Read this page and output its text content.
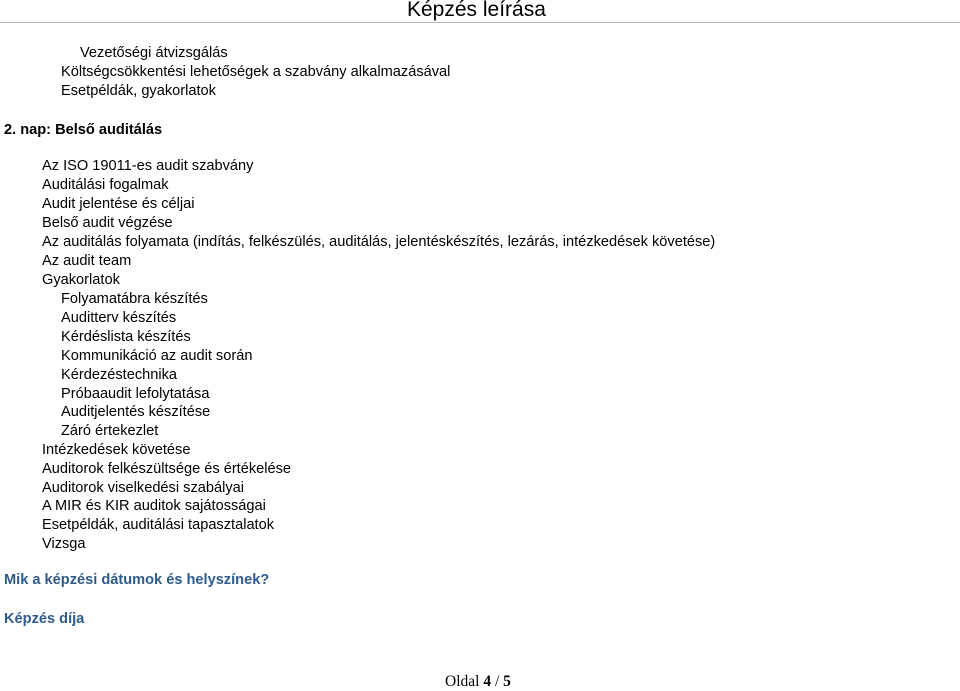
Képzés leírása
Vezetőségi átvizsgálás
Költségcsökkentési lehetőségek a szabvány alkalmazásával
Esetpéldák, gyakorlatok
2. nap: Belső auditálás
Az ISO 19011-es audit szabvány
Auditálási fogalmak
Audit jelentése és céljai
Belső audit végzése
Az auditálás folyamata (indítás, felkészülés, auditálás, jelentéskészítés, lezárás, intézkedések követése)
Az audit team
Gyakorlatok
Folyamatábra készítés
Auditterv készítés
Kérdéslista készítés
Kommunikáció az audit során
Kérdezéstechnika
Próbaaudit lefolytatása
Auditjelentés készítése
Záró értekezlet
Intézkedések követése
Auditorok felkészültsége és értékelése
Auditorok viselkedési szabályai
A MIR és KIR auditok sajátosságai
Esetpéldák, auditálási tapasztalatok
Vizsga
Mik a képzési dátumok és helyszínek?
Képzés díja
Oldal 4 / 5
